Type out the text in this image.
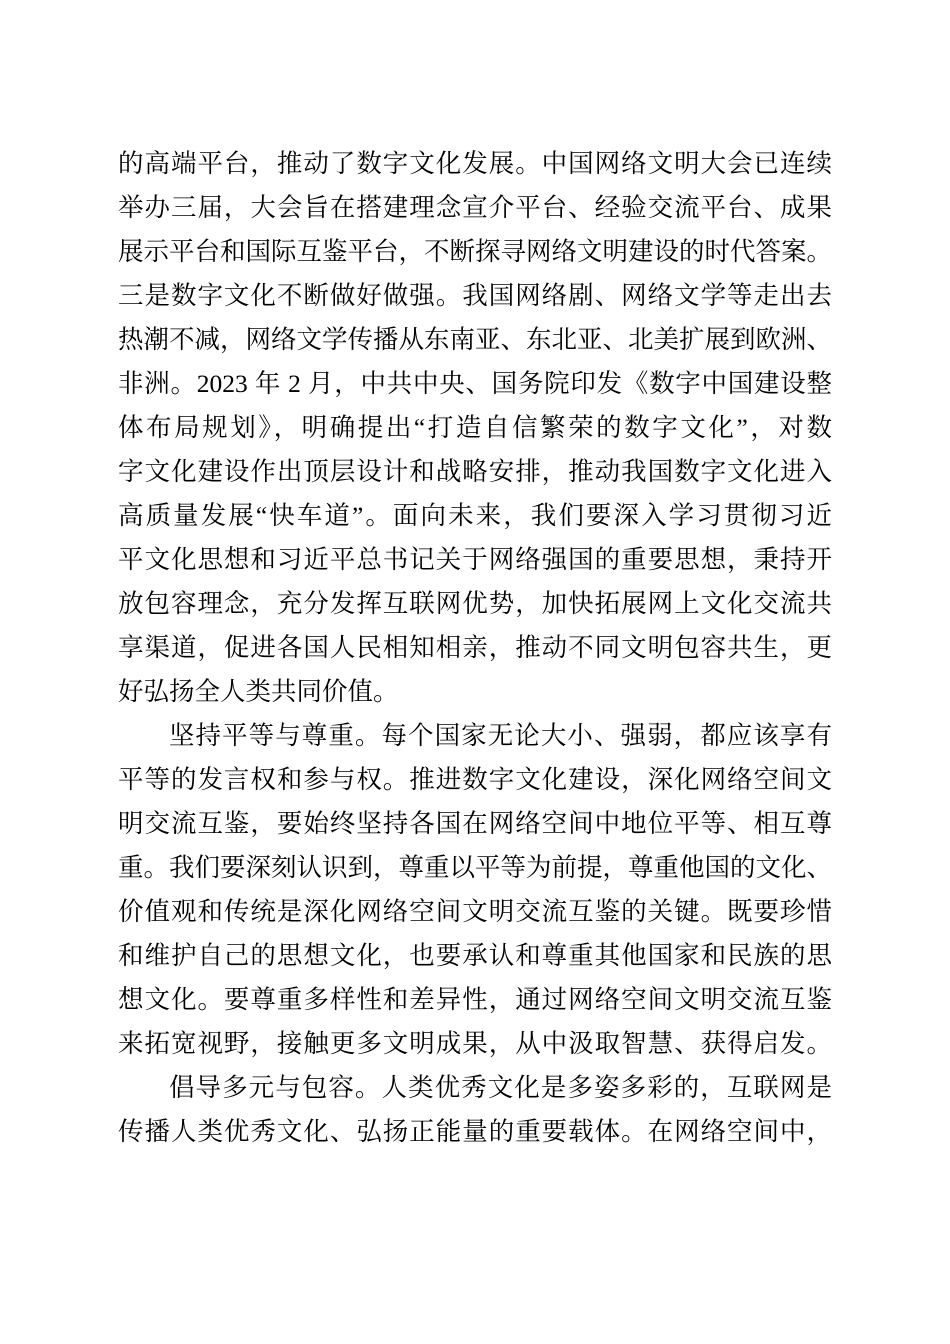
的高端平台，推动了数字文化发展。中国网络文明大会已连续
举办三届，大会旨在搭建理念宣介平台、经验交流平台、成果
展示平台和国际互鉴平台，不断探寻网络文明建设的时代答案。
三是数字文化不断做好做强。我国网络剧、网络文学等走出去
热潮不减，网络文学传播从东南亚、东北亚、北美扩展到欧洲、
非洲。2023 年 2 月，中共中央、国务院印发《数字中国建设整
体布局规划》，明确提出“打造自信繁荣的数字文化”，对数
字文化建设作出顶层设计和战略安排，推动我国数字文化进入
高质量发展“快车道”。面向未来，我们要深入学习贯彻习近
平文化思想和习近平总书记关于网络强国的重要思想，秉持开
放包容理念，充分发挥互联网优势，加快拓展网上文化交流共
享渠道，促进各国人民相知相亲，推动不同文明包容共生，更
好弘扬全人类共同价值。
坚持平等与尊重。每个国家无论大小、强弱，都应该享有
平等的发言权和参与权。推进数字文化建设，深化网络空间文
明交流互鉴，要始终坚持各国在网络空间中地位平等、相互尊
重。我们要深刻认识到，尊重以平等为前提，尊重他国的文化、
价值观和传统是深化网络空间文明交流互鉴的关键。既要珍惜
和维护自己的思想文化，也要承认和尊重其他国家和民族的思
想文化。要尊重多样性和差异性，通过网络空间文明交流互鉴
来拓宽视野，接触更多文明成果，从中汲取智慧、获得启发。
倡导多元与包容。人类优秀文化是多姿多彩的，互联网是
传播人类优秀文化、弘扬正能量的重要载体。在网络空间中，
